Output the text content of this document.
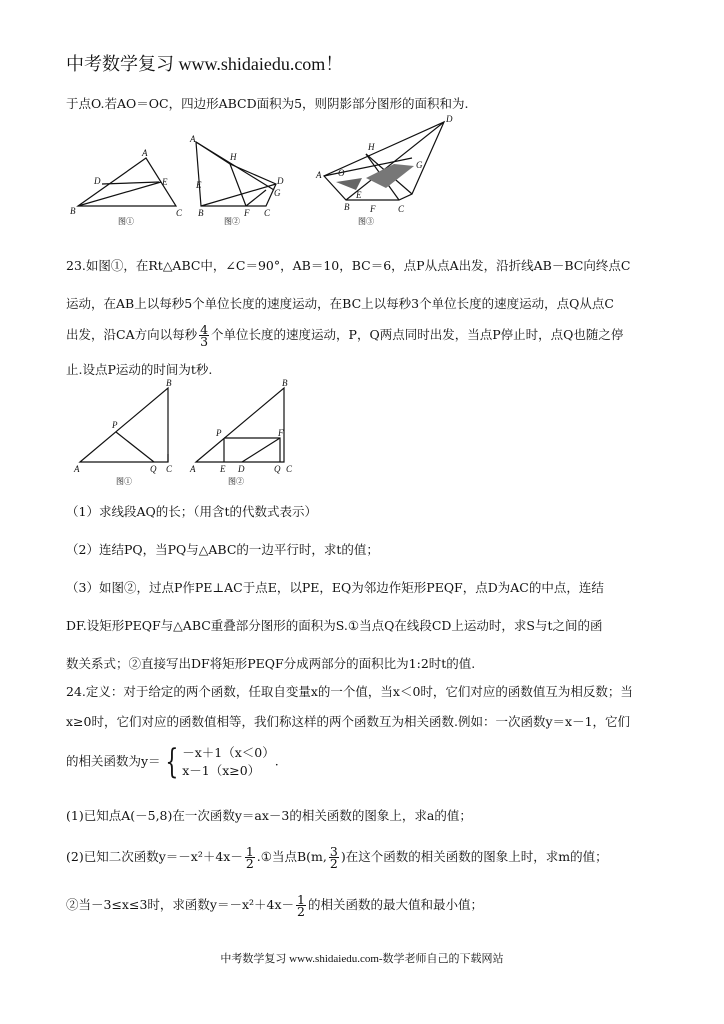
中考数学复习 www.shidaiedu.com！
于点O.若AO＝OC，四边形ABCD面积为5，则阴影部分图形的面积和为.
A
D	E
B	C
A
H
E	D
B	F
G
C
H
A O
E
B F
G
C
D
图①	图②	图③
23.如图①，在Rt△ABC中，∠C＝90°，AB＝10，BC＝6，点P从点A出发，沿折线AB－BC向终点C
运动，在AB上以每秒5个单位长度的速度运动，在BC上以每秒3个单位长度的速度运动，点Q从点C
出发，沿CA方向以每秒 $\frac{4}{3}$ 个单位长度的速度运动，P，Q两点同时出发，当点P停止时，点Q也随之停
止.设点P运动的时间为t秒.
B
P
A	Q C
B
F
P
A	E D	Q C
图①	图②
（1）求线段AQ的长；（用含t的代数式表示）
（2）连结PQ，当PQ与△ABC的一边平行时，求t的值；
（3）如图②，过点P作PE⊥AC于点E，以PE，EQ为邻边作矩形PEQF，点D为AC的中点，连结
DF.设矩形PEQF与△ABC重叠部分图形的面积为S.①当点Q在线段CD上运动时，求S与t之间的函
数关系式；②直接写出DF将矩形PEQF分成两部分的面积比为1:2时t的值.
24.定义：对于给定的两个函数，任取自变量x的一个值，当x＜0时，它们对应的函数值互为相反数；当
x≥0时，它们对应的函数值相等，我们称这样的两个函数互为相关函数.例如：一次函数y＝x－1，它们
的相关函数为y＝ { －x＋1（x＜0）
x－1（x≥0）
.
(1)已知点A(－5,8)在一次函数y＝ax－3的相关函数的图象上，求a的值；
(2)已知二次函数$y=-x^2+4x- \frac{1}{2}$ .①当点B(m, $\frac{3}{2}$ )在这个函数的相关函数的图象上时，求m的值；
②当－3≤x≤3时，求函数$y=-x^2+4x- \frac{1}{2}$ 的相关函数的最大值和最小值；
中考数学复习 www.shidaiedu.com-数学老师自己的下载网站
